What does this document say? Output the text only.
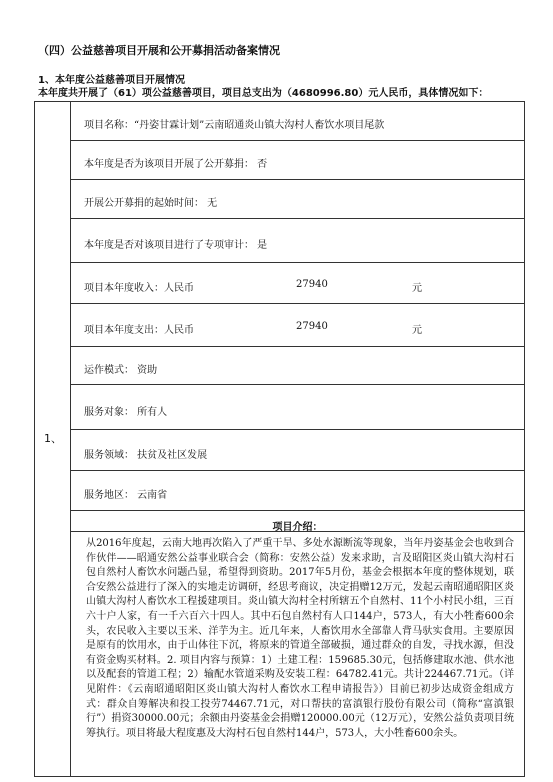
（四）公益慈善项目开展和公开募捐活动备案情况
1、本年度公益慈善项目开展情况
本年度共开展了（61）项公益慈善项目，项目总支出为（4680996.80）元人民币，具体情况如下：
1、
项目名称：“丹姿甘霖计划”云南昭通炎山镇大沟村人畜饮水项目尾款
本年度是否为该项目开展了公开募捐： 否
开展公开募捐的起始时间： 无
本年度是否对该项目进行了专项审计： 是
项目本年度收入：人民币	27940	元
项目本年度支出：人民币	27940	元
运作模式： 资助
服务对象： 所有人
服务领域： 扶贫及社区发展
服务地区： 云南省
项目介绍：
从2016年度起，云南大地再次陷入了严重干旱、多处水源断流等现象，当年丹姿基金会也收到合作伙伴——昭通安然公益事业联合会（简称：安然公益）发来求助，言及昭阳区炎山镇大沟村石包自然村人畜饮水问题凸显，希望得到资助。2017年5月份，基金会根据本年度的整体规划，联合安然公益进行了深入的实地走访调研，经思考商议，决定捐赠12万元，发起云南昭通昭阳区炎山镇大沟村人畜饮水工程援建项目。炎山镇大沟村全村所辖五个自然村、11个小村民小组，三百六十户人家，有一千六百六十四人。其中石包自然村有人口144户，573人，有大小牲畜600余头，农民收入主要以玉米、洋芋为主。近几年来，人畜饮用水全部靠人背马驮实食用。主要原因是原有的饮用水，由于山体往下沉，将原来的管道全部破损，通过群众的自发，寻找水源，但没有资金购买材料。2. 项目内容与预算：1）土建工程：159685.30元，包括修建取水池、供水池以及配套的管道工程；2）输配水管道采购及安装工程：64782.41元。共计224467.71元。（详见附件：《云南昭通昭阳区炎山镇大沟村人畜饮水工程申请报告》）目前已初步达成资金组成方式：群众自筹解决和投工投劳74467.71元，对口帮扶的富滇银行股份有限公司（简称“富滇银行”）捐资30000.00元；余额由丹姿基金会捐赠120000.00元（12万元），安然公益负责项目统筹执行。项目将最大程度惠及大沟村石包自然村144户，573人，大小牲畜600余头。
